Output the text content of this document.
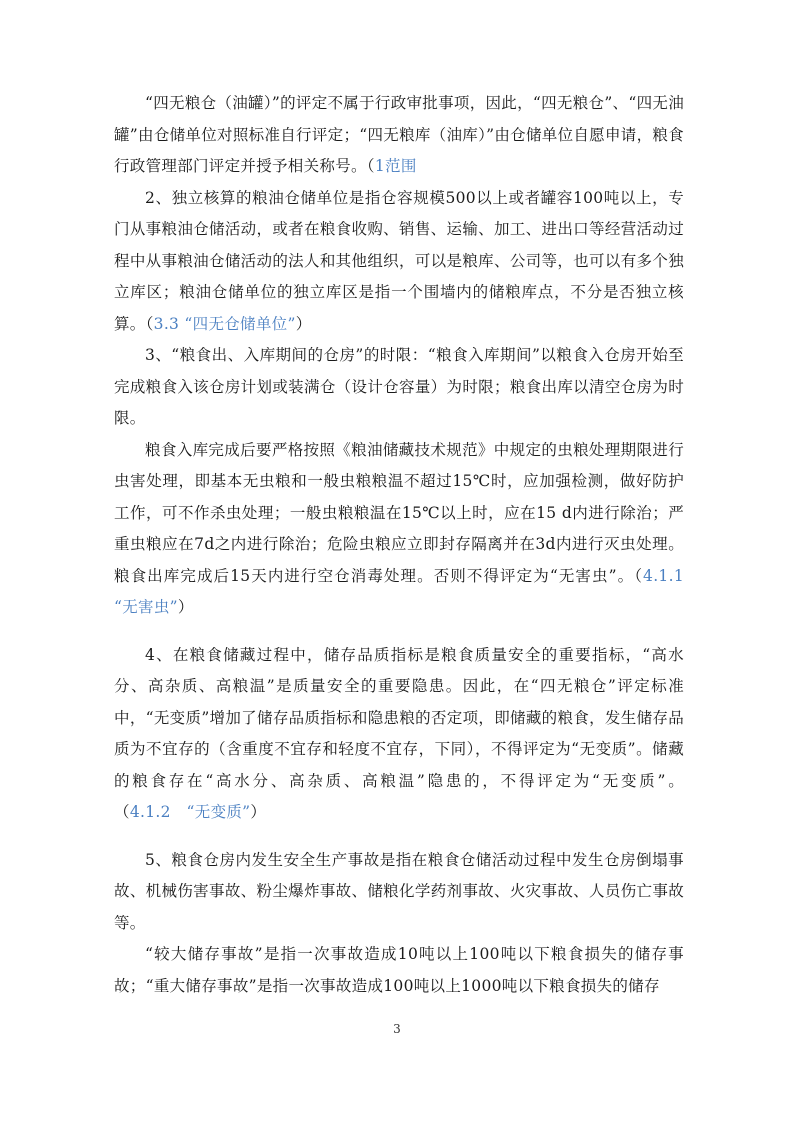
“四无粮仓（油罐）”的评定不属于行政审批事项，因此，“四无粮仓”、“四无油罐”由仓储单位对照标准自行评定；“四无粮库（油库）”由仓储单位自愿申请，粮食行政管理部门评定并授予相关称号。（1范围

2、独立核算的粮油仓储单位是指仓容规模500以上或者罐容100吨以上，专门从事粮油仓储活动，或者在粮食收购、销售、运输、加工、进出口等经营活动过程中从事粮油仓储活动的法人和其他组织，可以是粮库、公司等，也可以有多个独立库区；粮油仓储单位的独立库区是指一个围墙内的储粮库点，不分是否独立核算。（3.3 “四无仓储单位”）

3、“粮食出、入库期间的仓房”的时限：“粮食入库期间”以粮食入仓房开始至完成粮食入该仓房计划或装满仓（设计仓容量）为时限；粮食出库以清空仓房为时限。

粮食入库完成后要严格按照《粮油储藏技术规范》中规定的虫粮处理期限进行虫害处理，即基本无虫粮和一般虫粮粮温不超过15℃时，应加强检测，做好防护工作，可不作杀虫处理；一般虫粮粮温在15℃以上时，应在15 d内进行除治；严重虫粮应在7d之内进行除治；危险虫粮应立即封存隔离并在3d内进行灭虫处理。粮食出库完成后15天内进行空仓消毒处理。否则不得评定为“无害虫”。（4.1.1 “无害虫”）

4、在粮食储藏过程中，储存品质指标是粮食质量安全的重要指标，“高水分、高杂质、高粮温”是质量安全的重要隐患。因此，在“四无粮仓”评定标准中，“无变质”增加了储存品质指标和隐患粮的否定项，即储藏的粮食，发生储存品质为不宜存的（含重度不宜存和轻度不宜存，下同），不得评定为“无变质”。储藏的粮食存在“高水分、高杂质、高粮温”隐患的，不得评定为“无变质”。（4.1.2　“无变质”）

5、粮食仓房内发生安全生产事故是指在粮食仓储活动过程中发生仓房倒塌事故、机械伤害事故、粉尘爆炸事故、储粮化学药剂事故、火灾事故、人员伤亡事故等。

“较大储存事故”是指一次事故造成10吨以上100吨以下粮食损失的储存事故；“重大储存事故”是指一次事故造成100吨以上1000吨以下粮食损失的储存

3
